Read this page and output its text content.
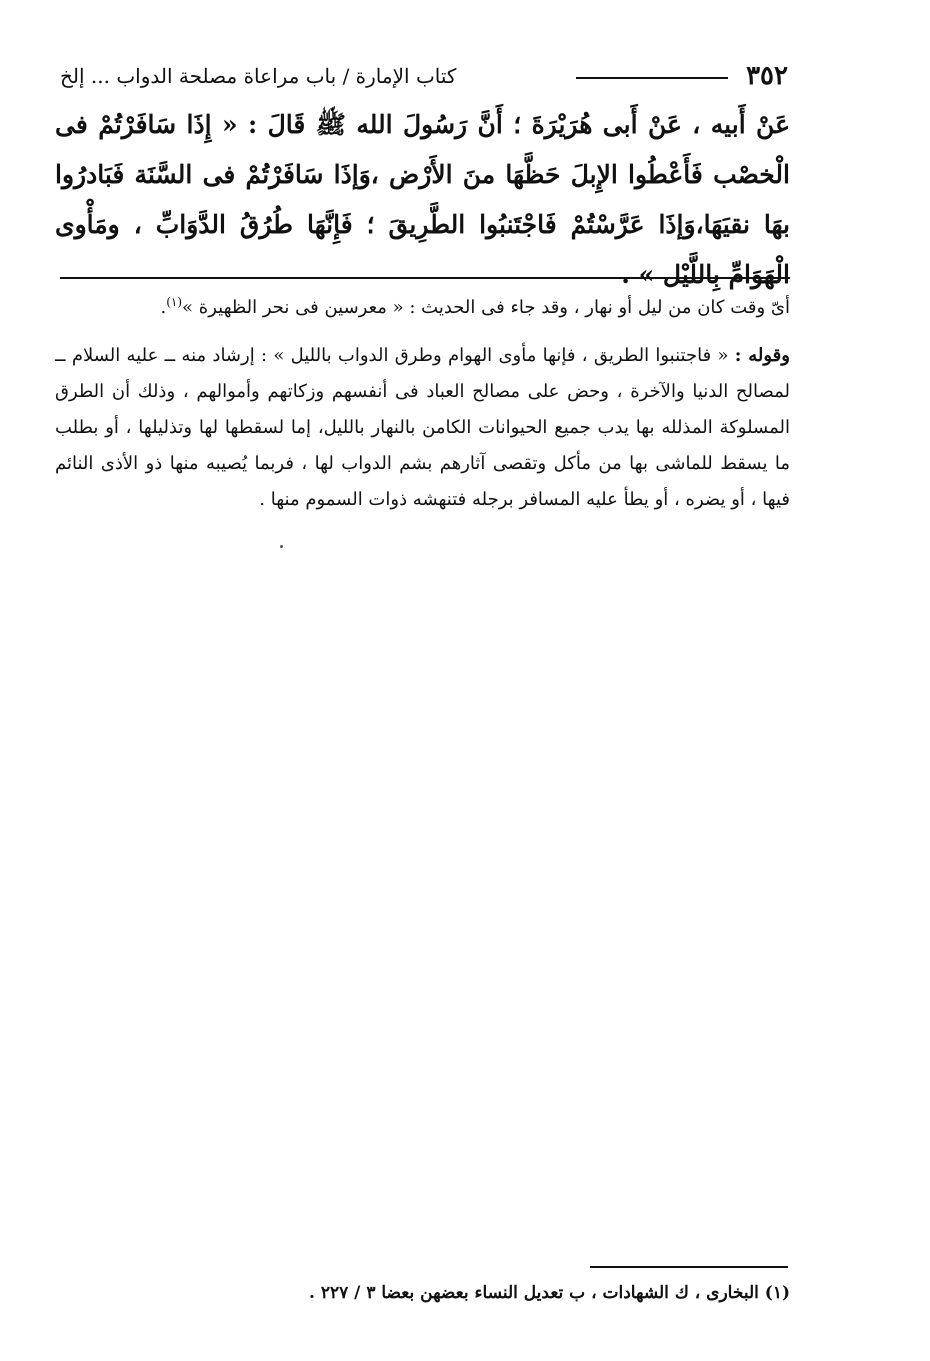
٣٥٢
كتاب الإمارة / باب مراعاة مصلحة الدواب ... إلخ
عَنْ أَبيه ، عَنْ أَبى هُرَيْرَةَ ؛ أَنَّ رَسُولَ الله ﷺ قَالَ : « إِذَا سَافَرْتُمْ فى الْخصْب فَأَعْطُوا الإِبلَ حَظَّهَا منَ الأَرْض ،وَإذَا سَافَرْتُمْ فى السَّنَة فَبَادرُوا بهَا نقيَهَا،وَإذَا عَرَّسْتُمْ فَاجْتَنبُوا الطَّرِيقَ ؛ فَإِنَّهَا طُرُقُ الدَّوَابِّ ، ومَأْوى الْهَوَامِّ بِاللَّيْل » .

أىّ وقت كان من ليل أو نهار ، وقد جاء فى الحديث : « معرسين فى نحر الظهيرة »$^{(١)}$.

وقوله : « فاجتنبوا الطريق ، فإنها مأوى الهوام وطرق الدواب بالليل » : إرشاد منه ــ عليه السلام ــ لمصالح الدنيا والآخرة ، وحض على مصالح العباد فى أنفسهم وزكاتهم وأموالهم ، وذلك أن الطرق المسلوكة المذلله بها يدب جميع الحيوانات الكامن بالنهار بالليل، إما لسقطها لها وتذليلها ، أو بطلب ما يسقط للماشى بها من مأكل وتقصى آثارهم بشم الدواب لها ، فربما يُصيبه منها ذو الأذى النائم فيها ، أو يضره ، أو يطأ عليه المسافر برجله فتنهشه ذوات السموم منها .

(١) البخارى ، ك الشهادات ، ب تعديل النساء بعضهن بعضا ٣ / ٢٢٧ .
